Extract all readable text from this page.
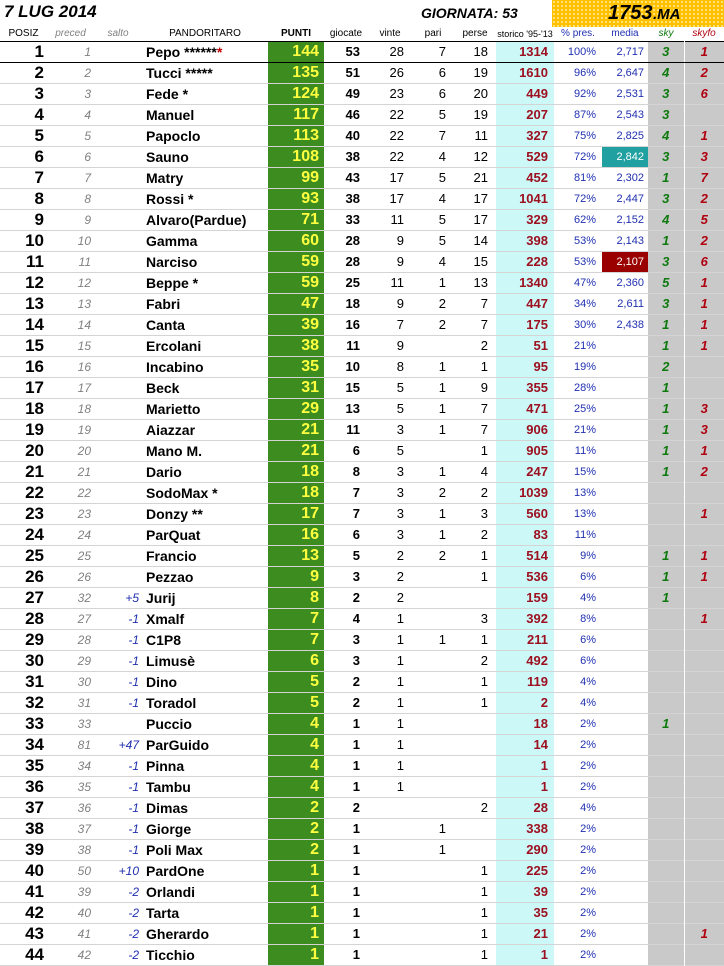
7 LUG 2014	GIORNATA: 53	1753 .MA
POSIZ	preced	salto	PANDORITARO	PUNTI	giocate	vinte	pari	perse	storico '95-'13 % pres.	media	sky	skyfo
1	1		Pepo *******	144	53	28	7	18	1314	100%	2,717	3	1
2	2		Tucci *****	135	51	26	6	19	1610	96%	2,647	4	2
3	3		Fede *	124	49	23	6	20	449	92%	2,531	3	6
4	4		Manuel	117	46	22	5	19	207	87%	2,543	3	
5	5		Papoclo	113	40	22	7	11	327	75%	2,825	4	1
6	6		Sauno	108	38	22	4	12	529	72%	2,842	3	3
7	7		Matry	99	43	17	5	21	452	81%	2,302	1	7
8	8		Rossi *	93	38	17	4	17	1041	72%	2,447	3	2
9	9		Alvaro(Pardue)	71	33	11	5	17	329	62%	2,152	4	5
10	10		Gamma	60	28	9	5	14	398	53%	2,143	1	2
11	11		Narciso	59	28	9	4	15	228	53%	2,107	3	6
12	12		Beppe *	59	25	11	1	13	1340	47%	2,360	5	1
13	13		Fabri	47	18	9	2	7	447	34%	2,611	3	1
14	14		Canta	39	16	7	2	7	175	30%	2,438	1	1
15	15		Ercolani	38	11	9		2	51	21%		1	1
16	16		Incabino	35	10	8	1	1	95	19%		2	
17	17		Beck	31	15	5	1	9	355	28%		1	
18	18		Marietto	29	13	5	1	7	471	25%		1	3
19	19		Aiazzar	21	11	3	1	7	906	21%		1	3
20	20		Mano M.	21	6	5		1	905	11%		1	1
21	21		Dario	18	8	3	1	4	247	15%		1	2
22	22		SodoMax *	18	7	3	2	2	1039	13%			
23	23		Donzy **	17	7	3	1	3	560	13%			1
24	24		ParQuat	16	6	3	1	2	83	11%			
25	25		Francio	13	5	2	2	1	514	9%		1	1
26	26		Pezzao	9	3	2		1	536	6%		1	1
27	32	+5	Jurij	8	2	2			159	4%		1	
28	27	-1	Xmalf	7	4	1		3	392	8%			1
29	28	-1	C1P8	7	3	1	1	1	211	6%			
30	29	-1	Limusè	6	3	1		2	492	6%			
31	30	-1	Dino	5	2	1		1	119	4%			
32	31	-1	Toradol	5	2	1		1	2	4%			
33	33		Puccio	4	1	1			18	2%		1	
34	81	+47	ParGuido	4	1	1			14	2%			
35	34	-1	Pinna	4	1	1			1	2%			
36	35	-1	Tambu	4	1	1			1	2%			
37	36	-1	Dimas	2	2			2	28	4%			
38	37	-1	Giorge	2	1		1		338	2%			
39	38	-1	Poli Max	2	1		1		290	2%			
40	50	+10	PardOne	1	1			1	225	2%			
41	39	-2	Orlandi	1	1			1	39	2%			
42	40	-2	Tarta	1	1			1	35	2%			
43	41	-2	Gherardo	1	1			1	21	2%			1
44	42	-2	Ticchio	1	1			1	1	2%			
